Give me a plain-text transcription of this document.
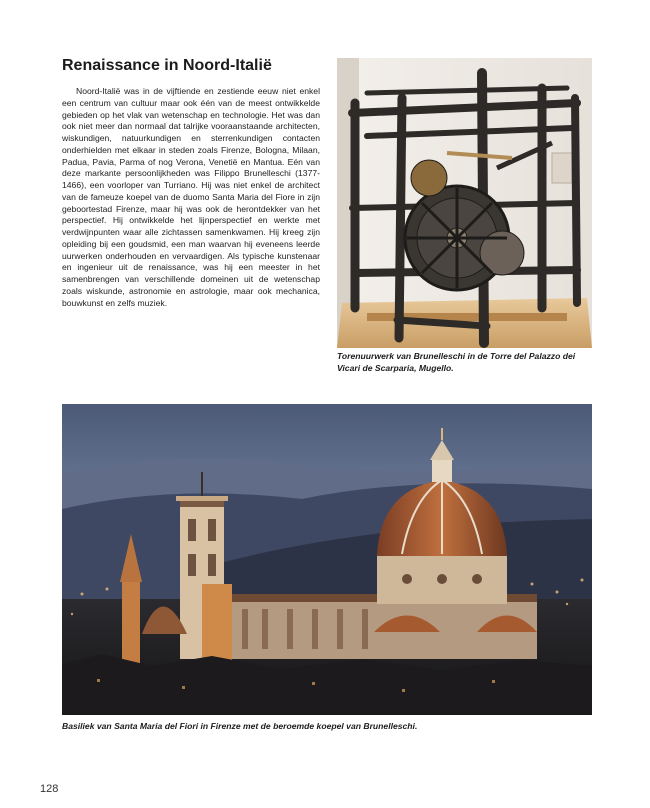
Renaissance in Noord-Italië

Noord-Italië was in de vijftiende en zestiende eeuw niet enkel een centrum van cultuur maar ook één van de meest ontwikkelde gebieden op het vlak van wetenschap en technologie. Het was dan ook niet meer dan normaal dat talrijke vooraanstaande architecten, wiskundigen, natuurkundigen en sterrenkundigen contacten onderhielden met elkaar in steden zoals Firenze, Bologna, Milaan, Padua, Pavia, Parma of nog Verona, Venetië en Mantua. Eén van deze markante persoonlijkheden was Filippo Brunelleschi (1377-1466), een voorloper van Turriano. Hij was niet enkel de architect van de fameuze koepel van de duomo Santa Maria del Fiore in zijn geboortestad Firenze, maar hij was ook de herontdekker van het perspectief. Hij ontwikkelde het lijnperspectief en werkte met verdwijnpunten waar alle zichtassen samenkwamen. Hij kreeg zijn opleiding bij een goudsmid, een man waarvan hij eveneens leerde uurwerken onderhouden en vervaardigen. Als typische kunstenaar en ingenieur uit de renaissance, was hij een meester in het samenbrengen van verschillende domeinen uit de wetenschap zoals wiskunde, astronomie en astrologie, maar ook mechanica, bouwkunst en zelfs muziek.

Torenuurwerk van Brunelleschi in de Torre del Palazzo dei Vicari de Scarparia, Mugello.

Basiliek van Santa Maria del Fiori in Firenze met de beroemde koepel van Brunelleschi.

128
